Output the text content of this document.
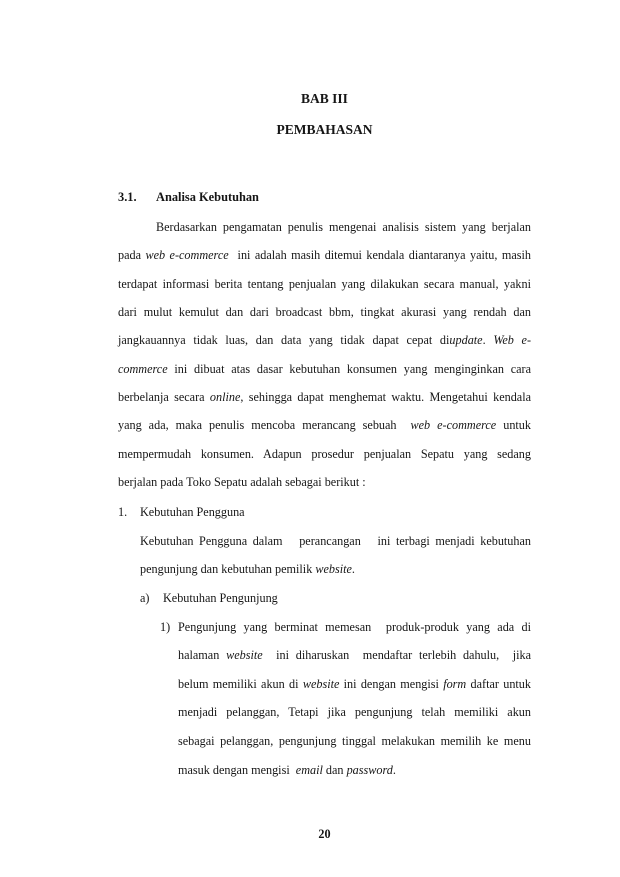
BAB III
PEMBAHASAN
3.1. Analisa Kebutuhan
Berdasarkan pengamatan penulis mengenai analisis sistem yang berjalan
pada web e-commerce  ini adalah masih ditemui kendala diantaranya yaitu, masih
terdapat informasi berita tentang penjualan yang dilakukan secara manual, yakni
dari mulut kemulut dan dari broadcast bbm, tingkat akurasi yang rendah dan
jangkauannya tidak luas, dan data yang tidak dapat cepat diupdate. Web e-
commerce ini dibuat atas dasar kebutuhan konsumen yang menginginkan cara
berbelanja secara online, sehingga dapat menghemat waktu. Mengetahui kendala
yang ada, maka penulis mencoba merancang sebuah  web e-commerce untuk
mempermudah konsumen. Adapun prosedur penjualan Sepatu yang sedang
berjalan pada Toko Sepatu adalah sebagai berikut :

1.

Kebutuhan Pengguna

Kebutuhan Pengguna dalam   perancangan   ini terbagi menjadi kebutuhan
pengunjung dan kebutuhan pemilik website.

a)

Kebutuhan Pengunjung

1) Pengunjung yang berminat memesan  produk-produk yang ada di
halaman website  ini diharuskan  mendaftar terlebih dahulu,  jika
belum memiliki akun di website ini dengan mengisi form daftar untuk
menjadi pelanggan, Tetapi jika pengunjung telah memiliki akun
sebagai pelanggan, pengunjung tinggal melakukan memilih ke menu
masuk dengan mengisi  email dan password.
20
